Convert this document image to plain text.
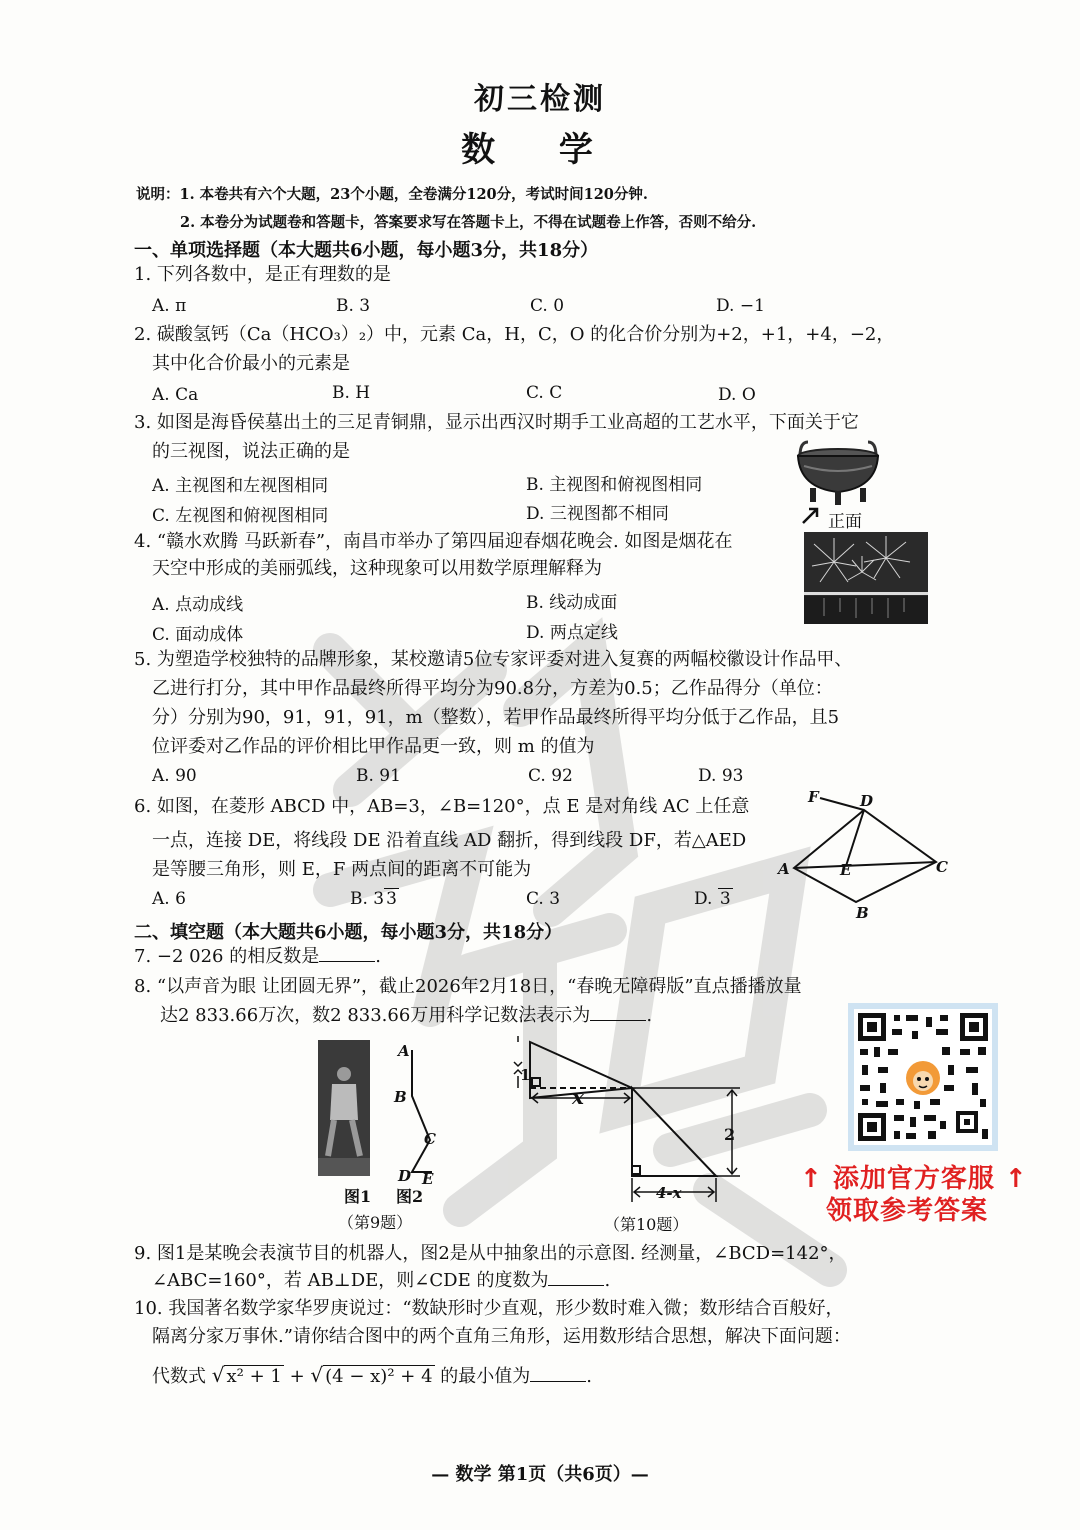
初三检测
数 学
说明：1. 本卷共有六个大题，23个小题，全卷满分120分，考试时间120分钟.
2. 本卷分为试题卷和答题卡，答案要求写在答题卡上，不得在试题卷上作答，否则不给分.
一、单项选择题（本大题共6小题，每小题3分，共18分）
1. 下列各数中，是正有理数的是
A. π	B. 3	C. 0	D. −1
2. 碳酸氢钙（Ca（HCO₃）₂）中，元素 Ca，H，C，O 的化合价分别为+2，+1，+4，−2，
其中化合价最小的元素是
A. Ca	B. H	C. C	D. O
3. 如图是海昏侯墓出土的三足青铜鼎，显示出西汉时期手工业高超的工艺水平，下面关于它
的三视图，说法正确的是
A. 主视图和左视图相同	B. 主视图和俯视图相同
C. 左视图和俯视图相同	D. 三视图都不相同	正面
4. “赣水欢腾 马跃新春”，南昌市举办了第四届迎春烟花晚会. 如图是烟花在
天空中形成的美丽弧线，这种现象可以用数学原理解释为
A. 点动成线	B. 线动成面
C. 面动成体	D. 两点定线
5. 为塑造学校独特的品牌形象，某校邀请5位专家评委对进入复赛的两幅校徽设计作品甲、
乙进行打分，其中甲作品最终所得平均分为90.8分，方差为0.5；乙作品得分（单位：
分）分别为90，91，91，91，m（整数），若甲作品最终所得平均分低于乙作品，且5
位评委对乙作品的评价相比甲作品更一致，则 m 的值为
A. 90	B. 91	C. 92	D. 93
6. 如图，在菱形 ABCD 中，AB=3，∠B=120°，点 E 是对角线 AC 上任意
一点，连接 DE，将线段 DE 沿着直线 AD 翻折，得到线段 DF，若△AED
是等腰三角形，则 E，F 两点间的距离不可能为
A. 6	B. 3 3	C. 3	D. 3
F	D
A	E	C
B
二、填空题（本大题共6小题，每小题3分，共18分）
7. −2 026 的相反数是	.
8. “以声音为眼 让团圆无界”，截止2026年2月18日，“春晚无障碍版”直点播播放量
达2 833.66万次，数2 833.66万用科学记数法表示为	.
A
B
C
D E
图1 图2
（第9题）
1
x
2
4-x
（第10题）
↑ 添加官方客服 ↑
领取参考答案
9. 图1是某晚会表演节目的机器人，图2是从中抽象出的示意图. 经测量，∠BCD=142°，
∠ABC=160°，若 AB⊥DE，则∠CDE 的度数为	.
10. 我国著名数学家华罗庚说过：“数缺形时少直观，形少数时难入微；数形结合百般好，
隔离分家万事休.”请你结合图中的两个直角三角形，运用数形结合思想，解决下面问题：
代数式 √ x² + 1 + √ (4 − x)² + 4 的最小值为	.
— 数学 第1页（共6页）—
